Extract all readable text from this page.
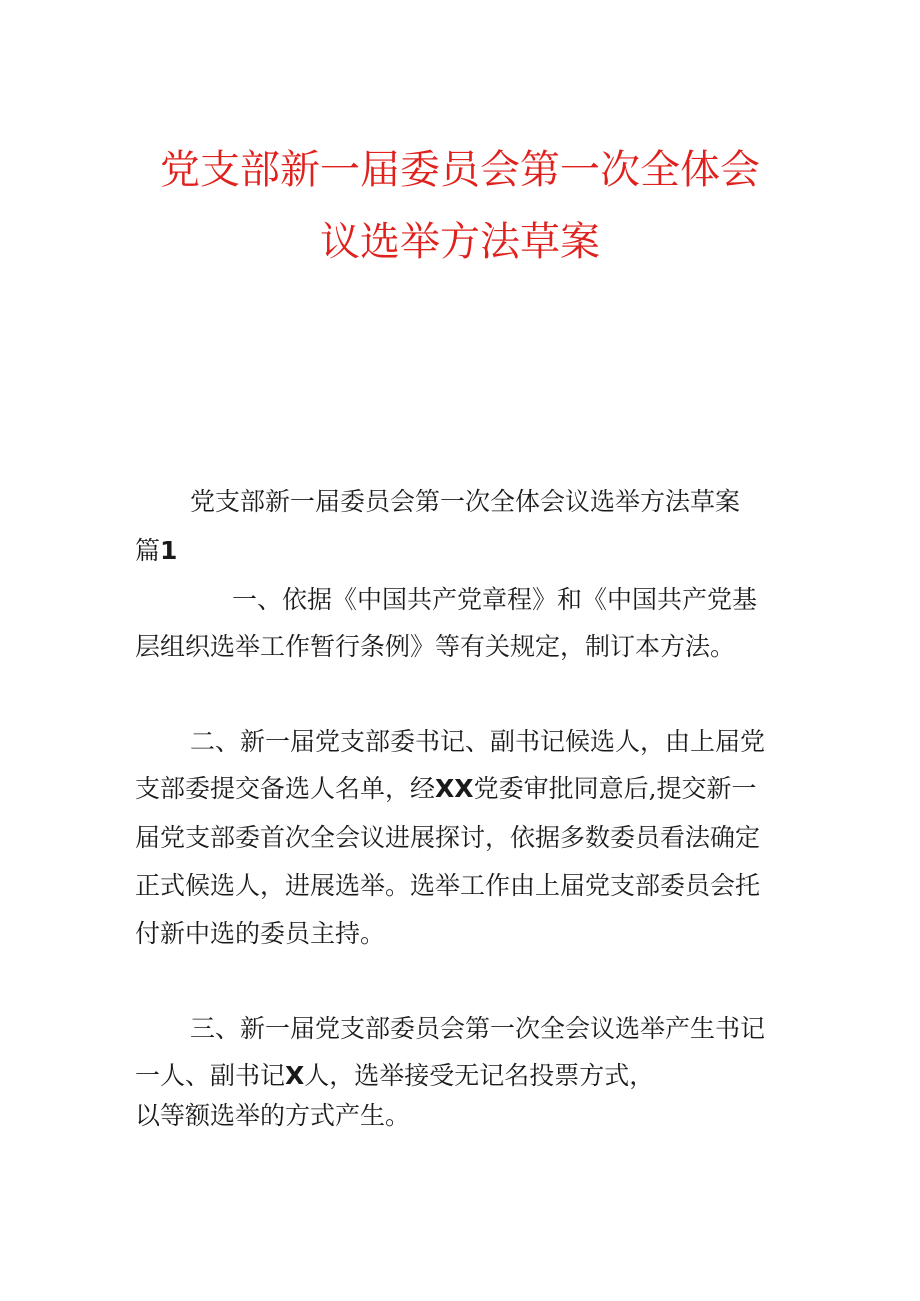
党支部新一届委员会第一次全体会
议选举方法草案
党支部新一届委员会第一次全体会议选举方法草案
篇1
一、依据《中国共产党章程》和《中国共产党基
层组织选举工作暂行条例》等有关规定，制订本方法。
二、新一届党支部委书记、副书记候选人，由上届党
支部委提交备选人名单，经XX党委审批同意后,提交新一
届党支部委首次全会议进展探讨，依据多数委员看法确定
正式候选人，进展选举。选举工作由上届党支部委员会托
付新中选的委员主持。
三、新一届党支部委员会第一次全会议选举产生书记
一人、副书记X人，选举接受无记名投票方式，
以等额选举的方式产生。
